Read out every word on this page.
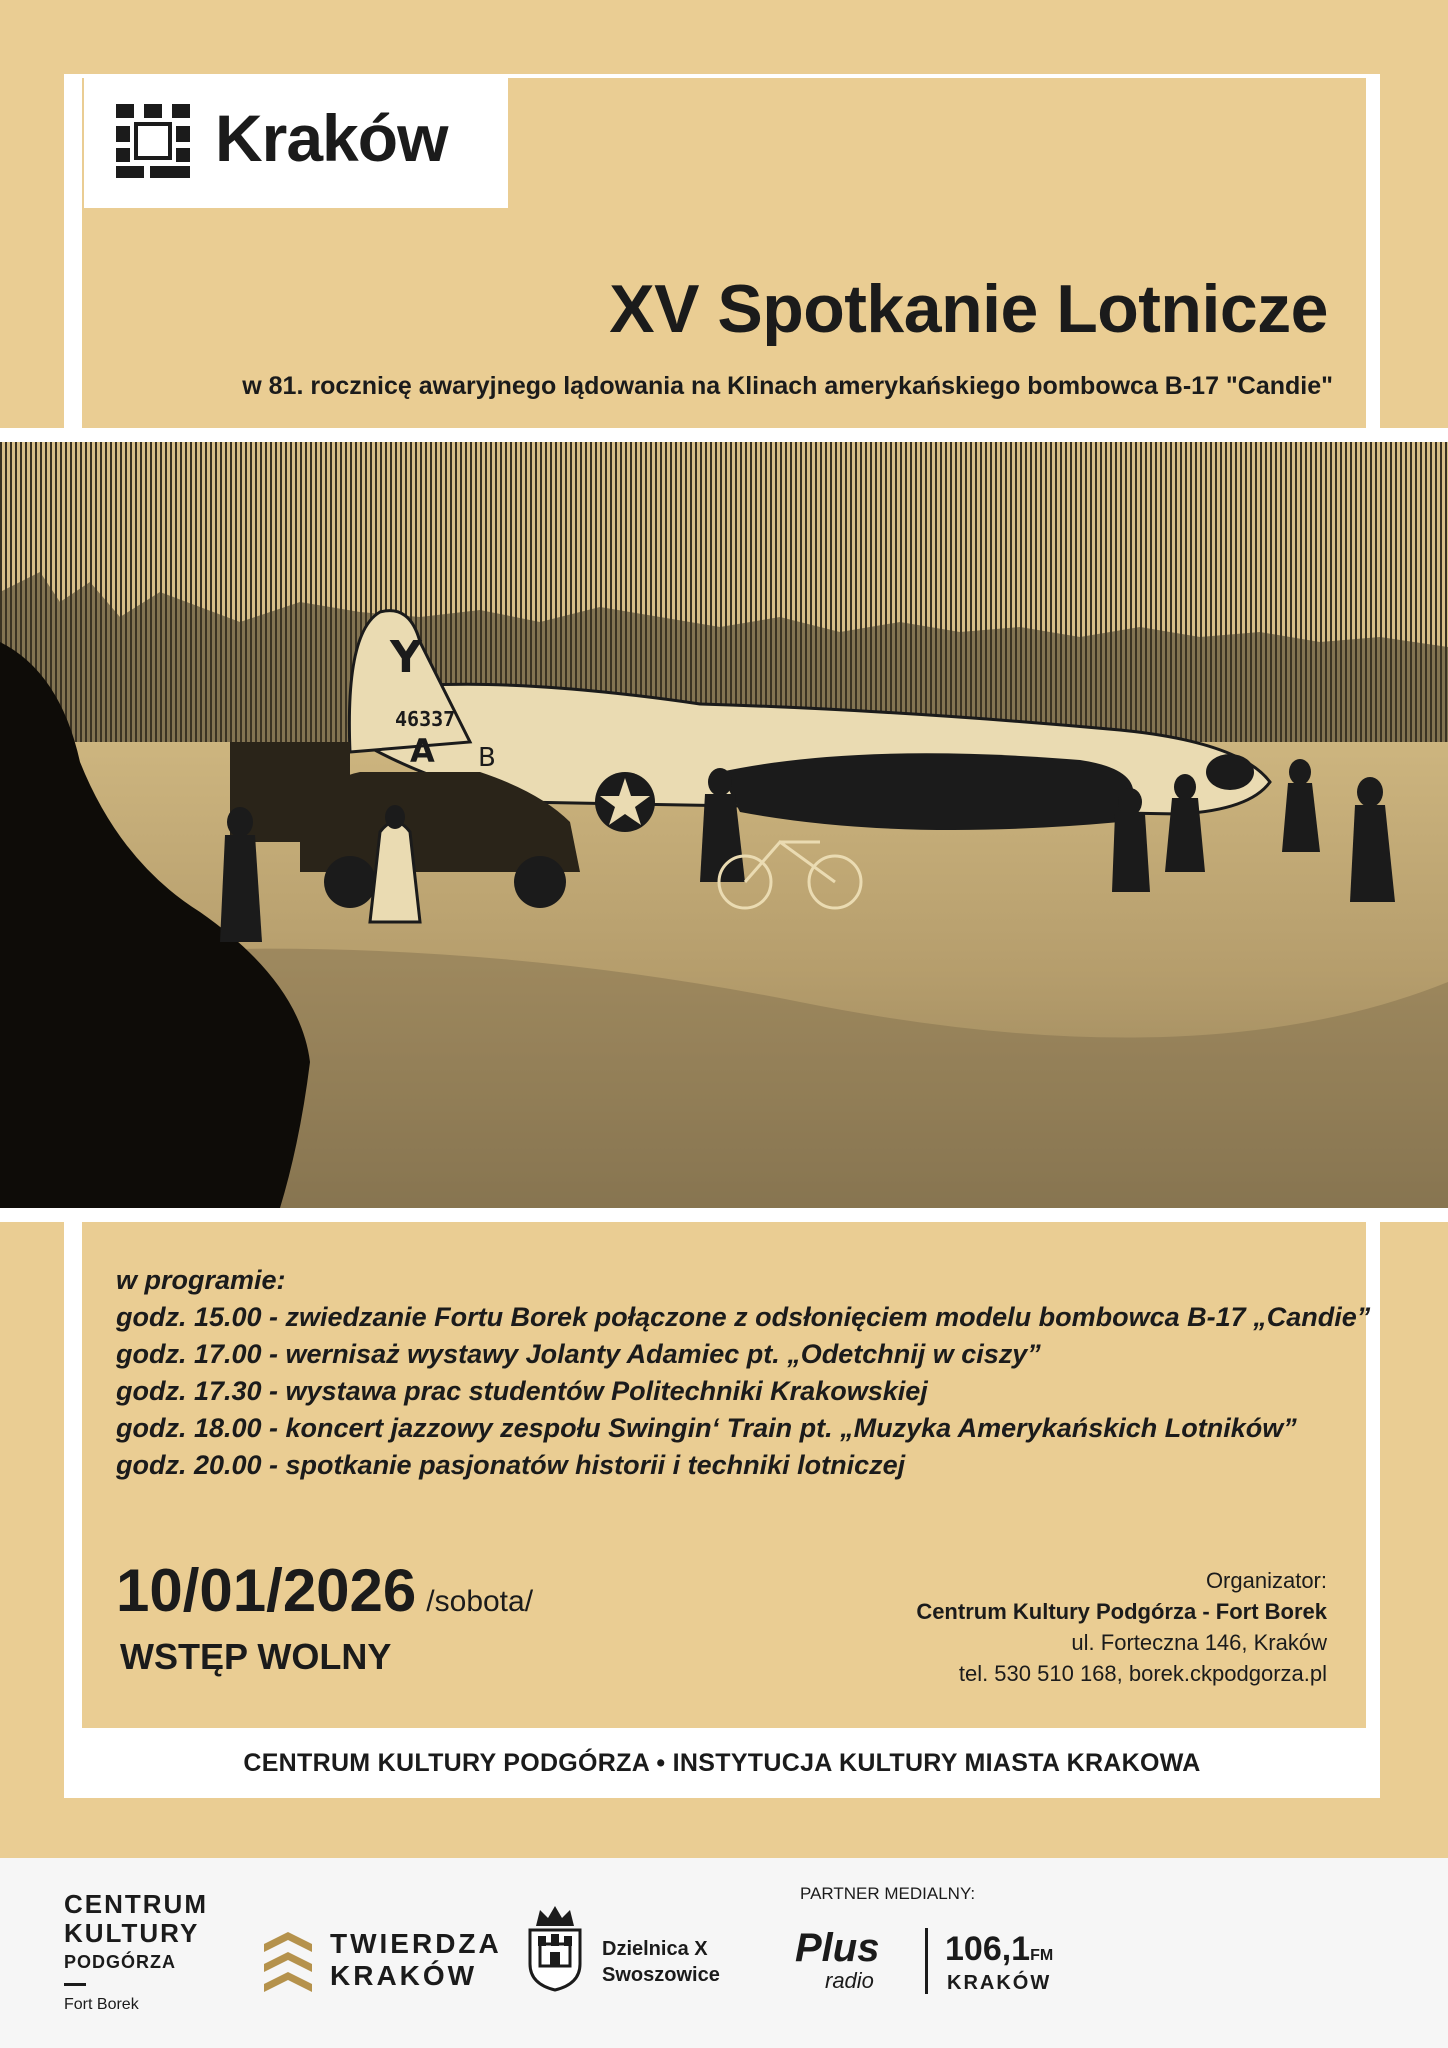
Kraków
XV Spotkanie Lotnicze
w 81. rocznicę awaryjnego lądowania na Klinach amerykańskiego bombowca B-17 "Candie"
Y
46337
A B
w programie:
godz. 15.00 - zwiedzanie Fortu Borek połączone z odsłonięciem modelu bombowca B-17 „Candie”
godz. 17.00 - wernisaż wystawy Jolanty Adamiec pt. „Odetchnij w ciszy”
godz. 17.30 - wystawa prac studentów Politechniki Krakowskiej
godz. 18.00 - koncert jazzowy zespołu Swingin‘ Train pt. „Muzyka Amerykańskich Lotników”
godz. 20.00 - spotkanie pasjonatów historii i techniki lotniczej
10/01/2026 /sobota/
WSTĘP WOLNY
Organizator:
Centrum Kultury Podgórza - Fort Borek
ul. Forteczna 146, Kraków
tel. 530 510 168, borek.ckpodgorza.pl
CENTRUM KULTURY PODGÓRZA • INSTYTUCJA KULTURY MIASTA KRAKOWA
PARTNER MEDIALNY:
CENTRUM
KULTURY
PODGÓRZA
Fort Borek
TWIERDZA
KRAKÓW
Dzielnica X
Swoszowice
Plus
radio
106,1FM
KRAKÓW
